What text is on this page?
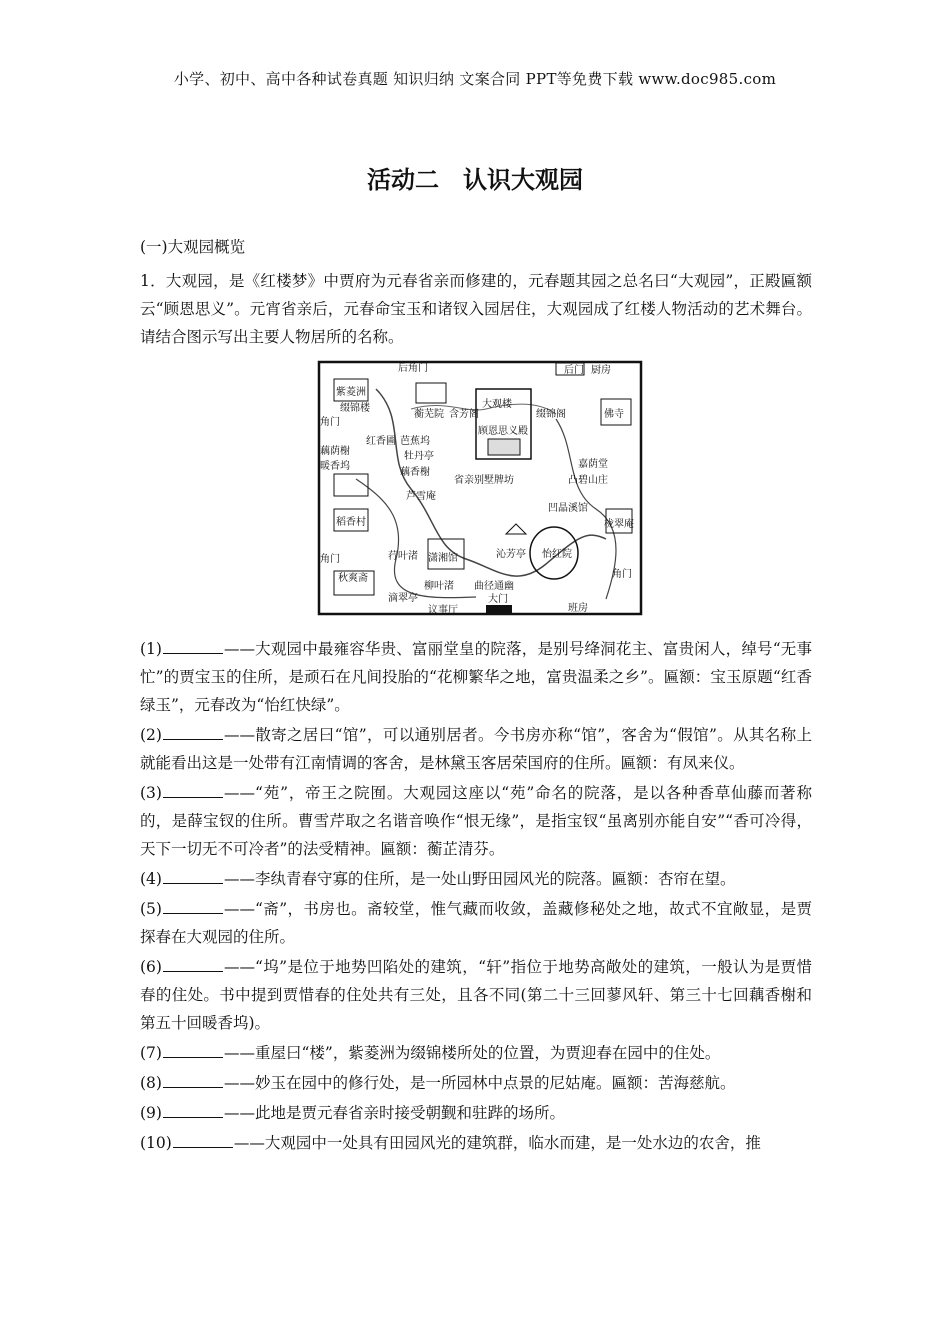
小学、初中、高中各种试卷真题 知识归纳 文案合同 PPT等免费下载 www.doc985.com
活动二　认识大观园

(一)大观园概览

1．大观园，是《红楼梦》中贾府为元春省亲而修建的，元春题其园之总名曰“大观园”，正殿匾额云“顾恩思义”。元宵省亲后，元春命宝玉和诸钗入园居住，大观园成了红楼人物活动的艺术舞台。请结合图示写出主要人物居所的名称。

后角门	后门 厨房
紫菱洲
缀锦楼
角门
蘅芜院 含芳阁
大观楼
缀锦阁
顾恩思义殿
佛寺
藕荫榭
暖香坞
红香圃 芭蕉坞
牡丹亭
省亲别墅牌坊
藕香榭
嘉荫堂
凸碧山庄
芦雪庵
稻香村
凹晶溪馆
栊翠庵
角门	荇叶渚 潇湘馆	沁芳亭 怡红院
角门
秋爽斋
柳叶渚 曲径通幽
滴翠亭
议事厅
大门
班房

(1)	——大观园中最雍容华贵、富丽堂皇的院落，是别号绛洞花主、富贵闲人，绰号“无事忙”的贾宝玉的住所，是顽石在凡间投胎的“花柳繁华之地，富贵温柔之乡”。匾额：宝玉原题“红香绿玉”，元春改为“怡红快绿”。

(2)	——散寄之居曰“馆”，可以通别居者。今书房亦称“馆”，客舍为“假馆”。从其名称上就能看出这是一处带有江南情调的客舍，是林黛玉客居荣国府的住所。匾额：有凤来仪。

(3)	——“苑”，帝王之院囿。大观园这座以“苑”命名的院落，是以各种香草仙藤而著称的，是薛宝钗的住所。曹雪芹取之名谐音唤作“恨无缘”，是指宝钗“虽离别亦能自安”“香可冷得，天下一切无不可冷者”的法受精神。匾额：蘅芷清芬。

(4)	——李纨青春守寡的住所，是一处山野田园风光的院落。匾额：杏帘在望。

(5)	——“斋”，书房也。斋较堂，惟气藏而收敛，盖藏修秘处之地，故式不宜敞显，是贾探春在大观园的住所。

(6)	——“坞”是位于地势凹陷处的建筑，“轩”指位于地势高敞处的建筑，一般认为是贾惜春的住处。书中提到贾惜春的住处共有三处，且各不同(第二十三回蓼风轩、第三十七回藕香榭和第五十回暖香坞)。

(7)	——重屋曰“楼”，紫菱洲为缀锦楼所处的位置，为贾迎春在园中的住处。

(8)	——妙玉在园中的修行处，是一所园林中点景的尼姑庵。匾额：苦海慈航。

(9)	——此地是贾元春省亲时接受朝觐和驻跸的场所。

(10)	——大观园中一处具有田园风光的建筑群，临水而建，是一处水边的农舍，推
